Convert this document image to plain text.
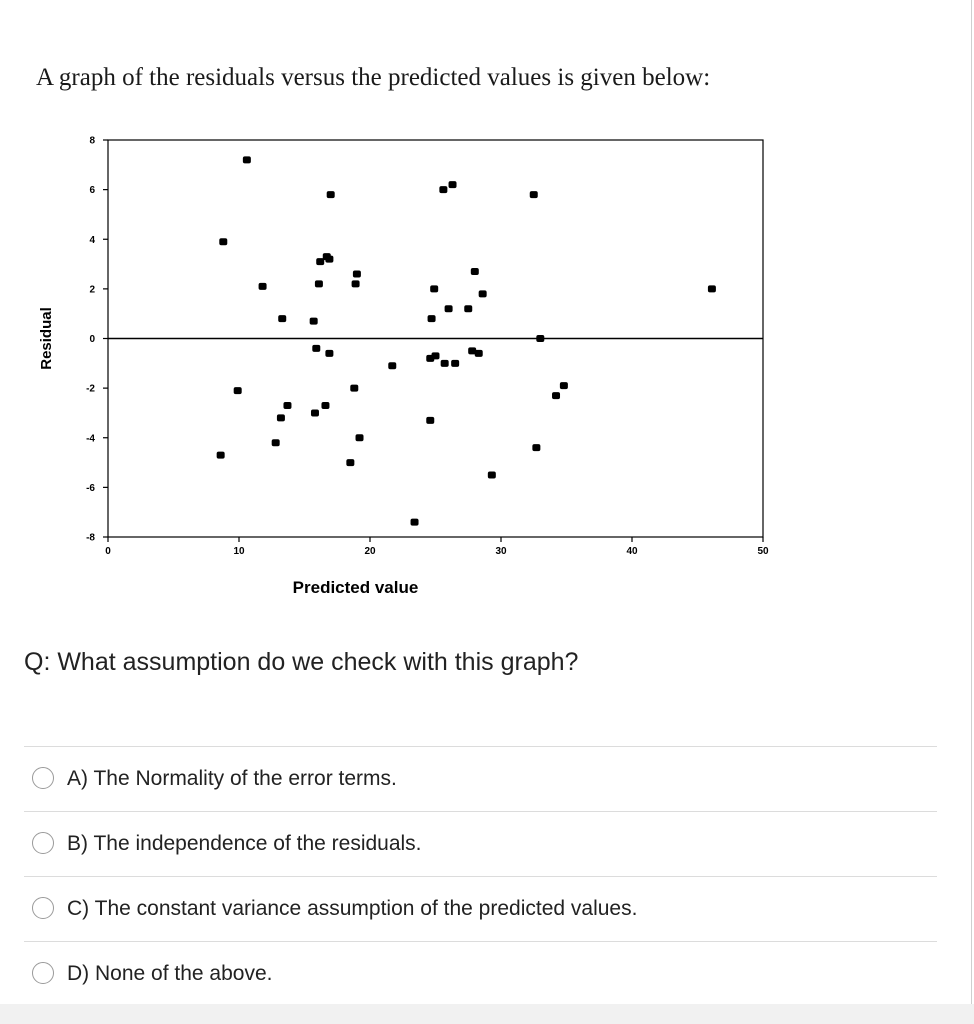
A graph of the residuals versus the predicted values is given below:

8
6
4
2
0
-2
-4
-6
-8
0	10	20	30	40	50
Predicted value
Residual

Q: What assumption do we check with this graph?

A) The Normality of the error terms.
B) The independence of the residuals.
C) The constant variance assumption of the predicted values.
D) None of the above.
